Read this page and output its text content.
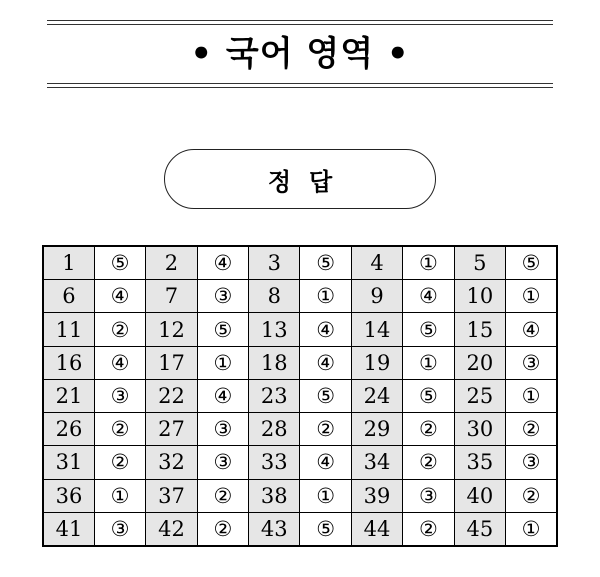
• 국어 영역 •
정답
1	⑤	2	④	3	⑤	4	①	5	⑤
6	④	7	③	8	①	9	④	10	①
11	②	12	⑤	13	④	14	⑤	15	④
16	④	17	①	18	④	19	①	20	③
21	③	22	④	23	⑤	24	⑤	25	①
26	②	27	③	28	②	29	②	30	②
31	②	32	③	33	④	34	②	35	③
36	①	37	②	38	①	39	③	40	②
41	③	42	②	43	⑤	44	②	45	①
